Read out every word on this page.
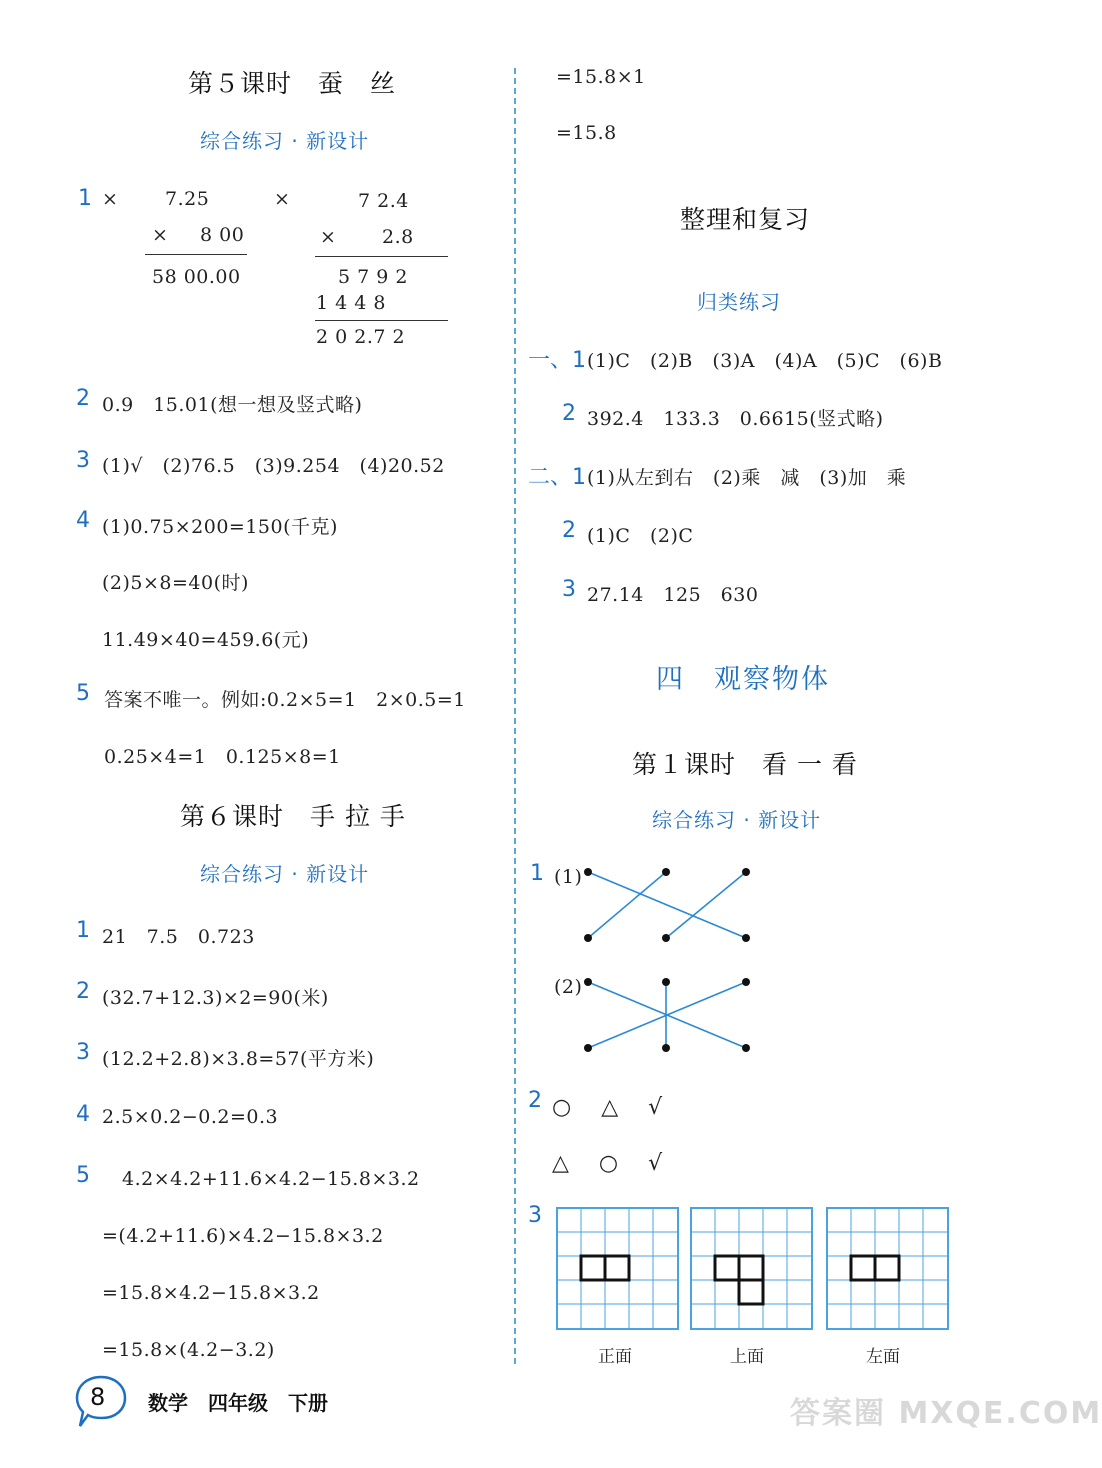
第５课时　蚕　丝
综合练习 · 新设计
1 × 7.25
× 8 00
58 00.00
×	7 2.4
× 2.8
5 7 9 2
1 4 4 8
2 0 2.7 2
2 0.9　15.01(想一想及竖式略)
3 (1)√　(2)76.5　(3)9.254　(4)20.52
4 (1)0.75×200=150(千克)
(2)5×8=40(时)
11.49×40=459.6(元)
5 答案不唯一。例如:0.2×5=1　2×0.5=1
0.25×4=1　0.125×8=1
第６课时　手 拉 手
综合练习 · 新设计
1 21　7.5　0.723
2 (32.7+12.3)×2=90(米)
3 (12.2+2.8)×3.8=57(平方米)
4 2.5×0.2−0.2=0.3
5 4.2×4.2+11.6×4.2−15.8×3.2
=(4.2+11.6)×4.2−15.8×3.2
=15.8×4.2−15.8×3.2
=15.8×(4.2−3.2)
=15.8×1
=15.8
整理和复习
归类练习
一、1 (1)C　(2)B　(3)A　(4)A　(5)C　(6)B
2 392.4　133.3　0.6615(竖式略)
二、1 (1)从左到右　(2)乘　减　(3)加　乘
2 (1)C　(2)C
3 27.14　125　630
四　观察物体
第１课时　看 一 看
综合练习 · 新设计
1 (1)
(2)
2 ○　△　√
△　○　√
3
正面	上面	左面
8 数学　四年级　下册	答案圈 MXQE.COM
